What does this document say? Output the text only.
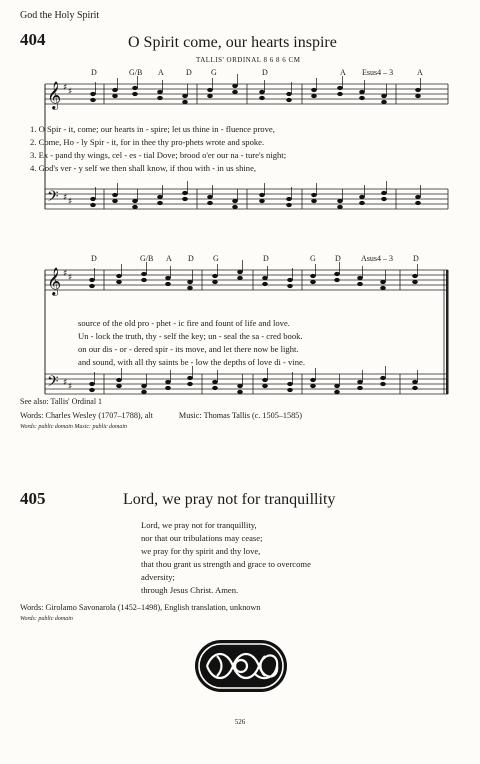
God the Holy Spirit
404	O Spirit come, our hearts inspire
TALLIS' ORDINAL 8 6 8 6 CM
D	G/B A	D G	D	A Esus4 – 3	A
1. O Spir - it, come; our hearts in - spire; let us thine in - fluence prove,
2. Come, Ho - ly Spir - it, for in thee thy pro-phets wrote and spoke.
3. Ex - pand thy wings, cel - es - tial Dove; brood o'er our na - ture's night;
4. God's ver - y self we then shall know, if thou with - in us shine,
D	G/B A D G	D	G D	Asus4 – 3 D
source of the old pro - phet - ic fire and fount of life and love.
Un - lock the truth, thy - self the key; un - seal the sa - cred book.
on our dis - or - dered spir - its move, and let there now be light.
and sound, with all thy saints be - low the depths of love di - vine.
𝄞
𝄢
♯ ♯
♯ ♯
𝄞
𝄢
♯ ♯
♯ ♯
See also: Tallis' Ordinal 1
Words: Charles Wesley (1707–1788), alt	Music: Thomas Tallis (c. 1505–1585)
Words: public domain Music: public domain
405	Lord, we pray not for tranquillity
Lord, we pray not for tranquillity,
nor that our tribulations may cease;
we pray for thy spirit and thy love,
that thou grant us strength and grace to overcome
adversity;
through Jesus Christ. Amen.
Words: Girolamo Savonarola (1452–1498), English translation, unknown
Words: public domain
526
